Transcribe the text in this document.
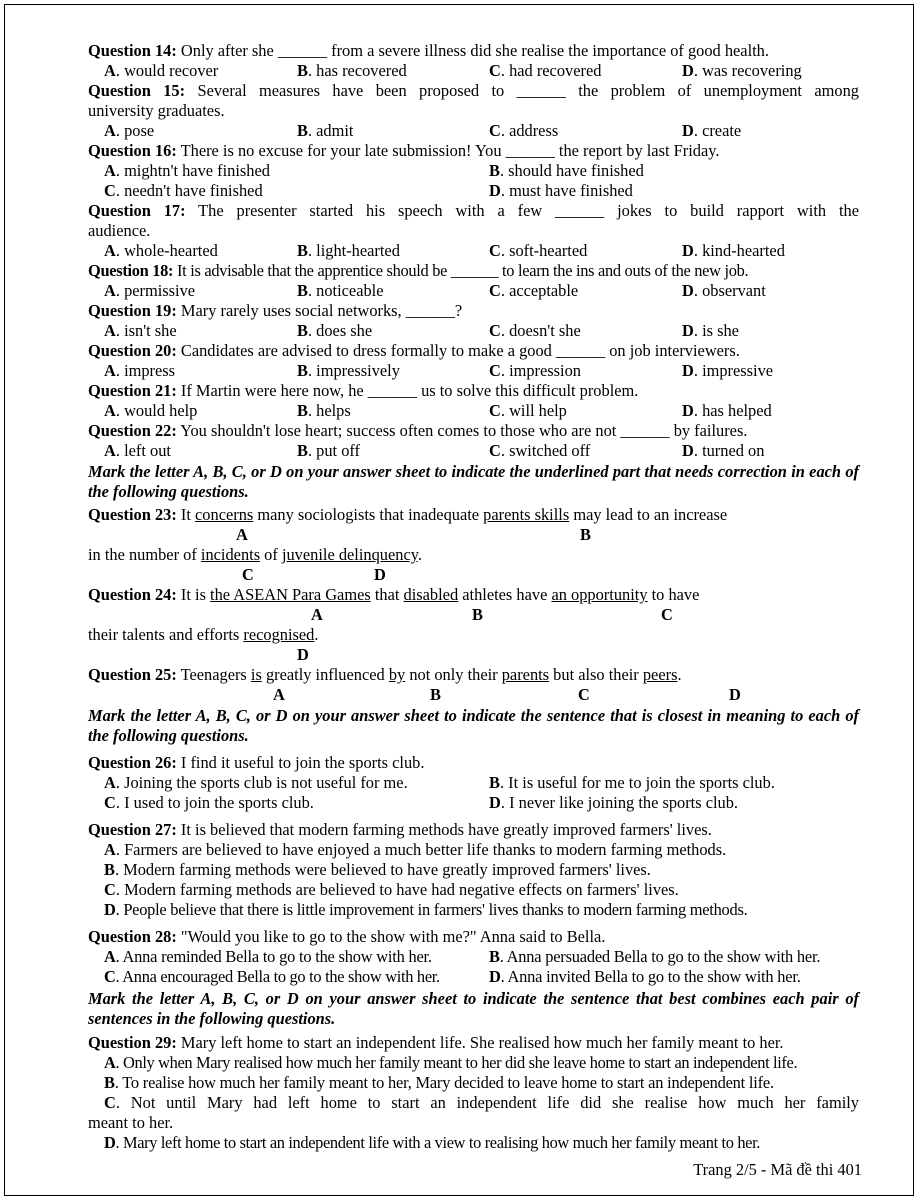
Question 14: Only after she ______ from a severe illness did she realise the importance of good health.
A. would recover	B. has recovered	C. had recovered	D. was recovering
Question 15: Several measures have been proposed to ______ the problem of unemployment among
university graduates.
A. pose	B. admit	C. address	D. create
Question 16: There is no excuse for your late submission! You ______ the report by last Friday.
A. mightn't have finished	B. should have finished
C. needn't have finished	D. must have finished
Question 17: The presenter started his speech with a few ______ jokes to build rapport with the
audience.
A. whole-hearted	B. light-hearted	C. soft-hearted	D. kind-hearted
Question 18: It is advisable that the apprentice should be ______ to learn the ins and outs of the new job.
A. permissive	B. noticeable	C. acceptable	D. observant
Question 19: Mary rarely uses social networks, ______?
A. isn't she	B. does she	C. doesn't she	D. is she
Question 20: Candidates are advised to dress formally to make a good ______ on job interviewers.
A. impress	B. impressively	C. impression	D. impressive
Question 21: If Martin were here now, he ______ us to solve this difficult problem.
A. would help	B. helps	C. will help	D. has helped
Question 22: You shouldn't lose heart; success often comes to those who are not ______ by failures.
A. left out	B. put off	C. switched off	D. turned on
Mark the letter A, B, C, or D on your answer sheet to indicate the underlined part that needs correction in each of the following questions.
Question 23: It concerns many sociologists that inadequate parents skills may lead to an increase
A	B
in the number of incidents of juvenile delinquency.
C	D
Question 24: It is the ASEAN Para Games that disabled athletes have an opportunity to have
A	B	C
their talents and efforts recognised.
D
Question 25: Teenagers is greatly influenced by not only their parents but also their peers.
A	B	C	D
Mark the letter A, B, C, or D on your answer sheet to indicate the sentence that is closest in meaning to each of the following questions.
Question 26: I find it useful to join the sports club.
A. Joining the sports club is not useful for me.	B. It is useful for me to join the sports club.
C. I used to join the sports club.	D. I never like joining the sports club.
Question 27: It is believed that modern farming methods have greatly improved farmers' lives.
A. Farmers are believed to have enjoyed a much better life thanks to modern farming methods.
B. Modern farming methods were believed to have greatly improved farmers' lives.
C. Modern farming methods are believed to have had negative effects on farmers' lives.
D. People believe that there is little improvement in farmers' lives thanks to modern farming methods.
Question 28: "Would you like to go to the show with me?" Anna said to Bella.
A. Anna reminded Bella to go to the show with her.	B. Anna persuaded Bella to go to the show with her.
C. Anna encouraged Bella to go to the show with her.	D. Anna invited Bella to go to the show with her.
Mark the letter A, B, C, or D on your answer sheet to indicate the sentence that best combines each pair of sentences in the following questions.
Question 29: Mary left home to start an independent life. She realised how much her family meant to her.
A. Only when Mary realised how much her family meant to her did she leave home to start an independent life.
B. To realise how much her family meant to her, Mary decided to leave home to start an independent life.
C. Not until Mary had left home to start an independent life did she realise how much her family
meant to her.
D. Mary left home to start an independent life with a view to realising how much her family meant to her.
Trang 2/5 - Mã đề thi 401
